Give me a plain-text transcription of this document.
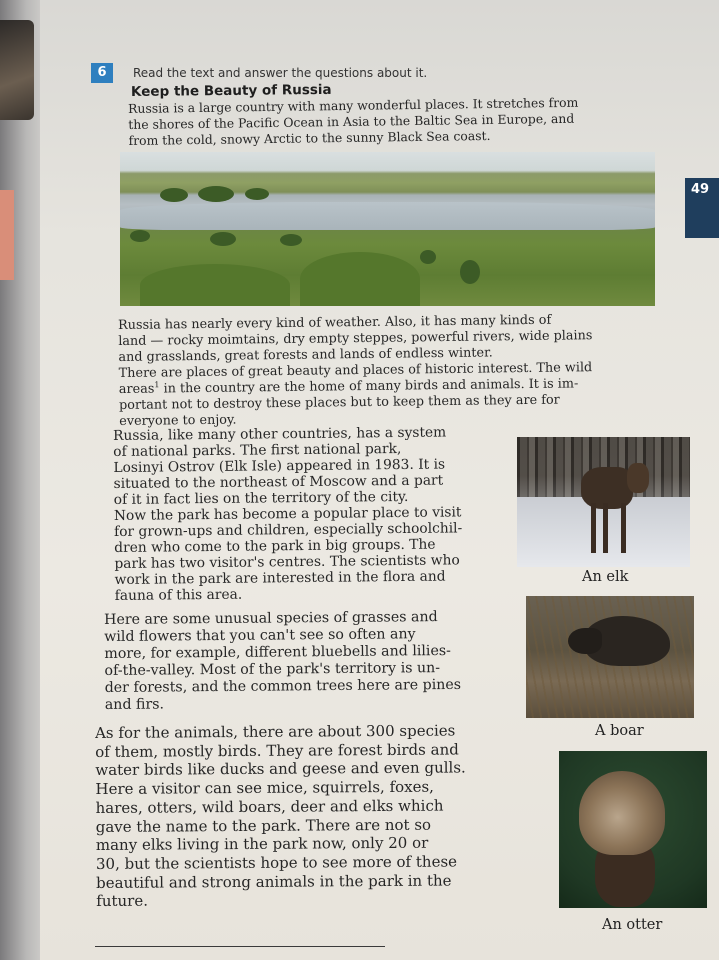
49
6	Read the text and answer the questions about it.
Keep the Beauty of Russia

Russia is a large country with many wonderful places. It stretches from
the shores of the Pacific Ocean in Asia to the Baltic Sea in Europe, and
from the cold, snowy Arctic to the sunny Black Sea coast.

Russia has nearly every kind of weather. Also, it has many kinds of
land — rocky moimtains, dry empty steppes, powerful rivers, wide plains
and grasslands, great forests and lands of endless winter.
There are places of great beauty and places of historic interest. The wild
areas$^1$ in the country are the home of many birds and animals. It is im-
portant not to destroy these places but to keep them as they are for
everyone to enjoy.

Russia, like many other countries, has a system
of national parks. The first national park,
Losinyi Ostrov (Elk Isle) appeared in 1983. It is
situated to the northeast of Moscow and a part
of it in fact lies on the territory of the city.
Now the park has become a popular place to visit
for grown-ups and children, especially schoolchil-
dren who come to the park in big groups. The
park has two visitor's centres. The scientists who
work in the park are interested in the flora and
fauna of this area.

Here are some unusual species of grasses and
wild flowers that you can't see so often any
more, for example, different bluebells and lilies-
of-the-valley. Most of the park's territory is un-
der forests, and the common trees here are pines
and firs.

As for the animals, there are about 300 species
of them, mostly birds. They are forest birds and
water birds like ducks and geese and even gulls.
Here a visitor can see mice, squirrels, foxes,
hares, otters, wild boars, deer and elks which
gave the name to the park. There are not so
many elks living in the park now, only 20 or
30, but the scientists hope to see more of these
beautiful and strong animals in the park in the
future.

An elk
A boar
An otter
